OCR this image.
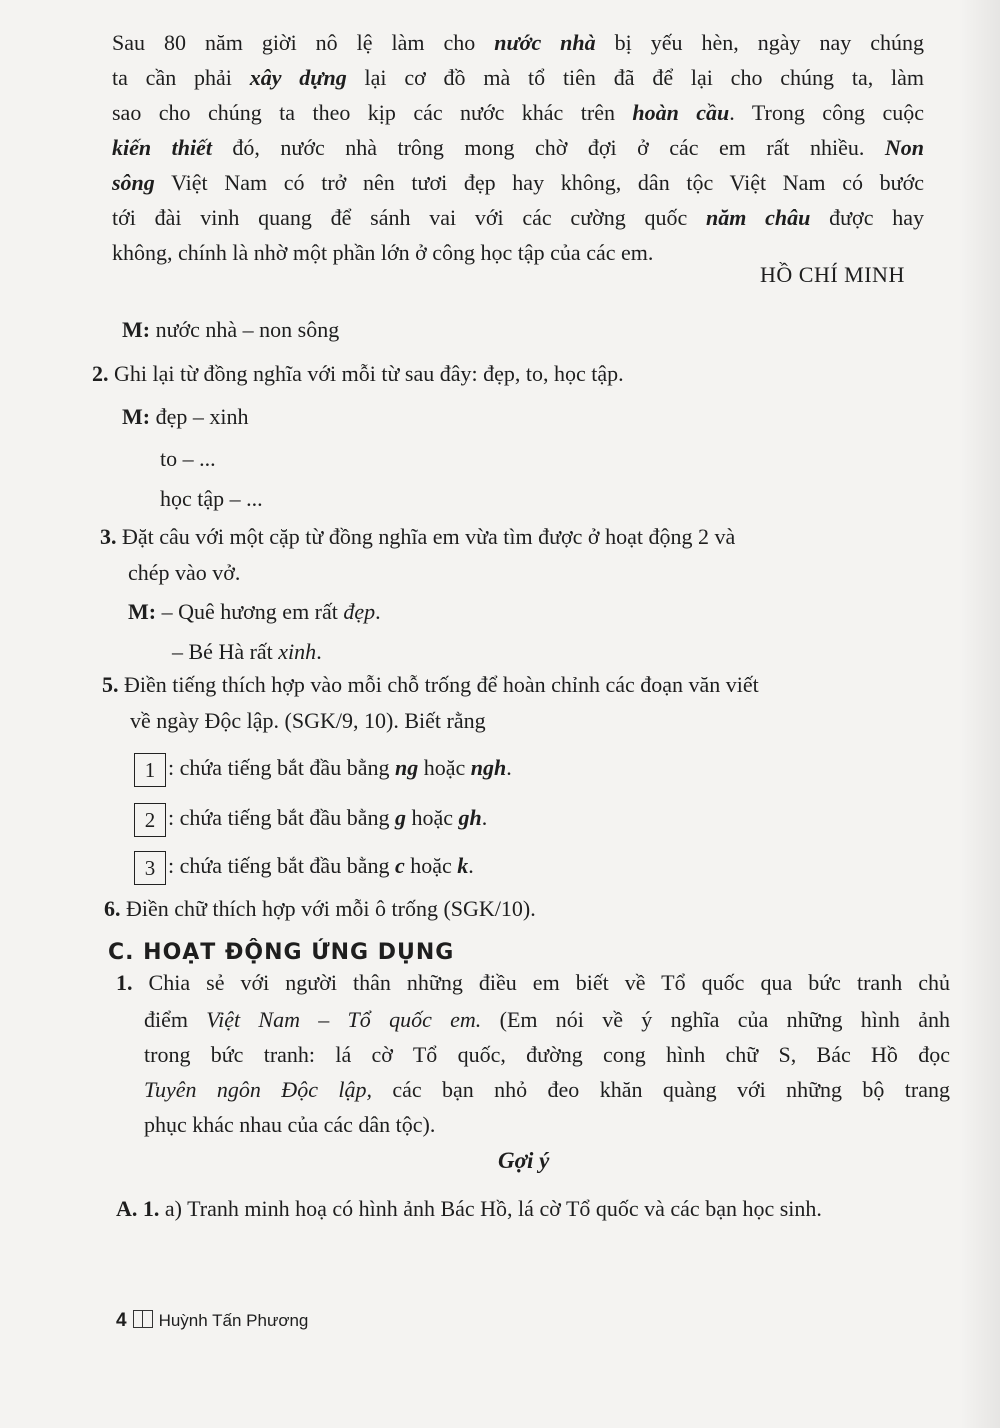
Sau 80 năm giời nô lệ làm cho nước nhà bị yếu hèn, ngày nay chúng
ta cần phải xây dựng lại cơ đồ mà tổ tiên đã để lại cho chúng ta, làm
sao cho chúng ta theo kịp các nước khác trên hoàn cầu. Trong công cuộc
kiến thiết đó, nước nhà trông mong chờ đợi ở các em rất nhiều. Non
sông Việt Nam có trở nên tươi đẹp hay không, dân tộc Việt Nam có bước
tới đài vinh quang để sánh vai với các cường quốc năm châu được hay
không, chính là nhờ một phần lớn ở công học tập của các em.
HỒ CHÍ MINH
M: nước nhà – non sông
2. Ghi lại từ đồng nghĩa với mỗi từ sau đây: đẹp, to, học tập.
M: đẹp – xinh
to – ...
học tập – ...
3. Đặt câu với một cặp từ đồng nghĩa em vừa tìm được ở hoạt động 2 và
chép vào vở.
M: – Quê hương em rất đẹp.
– Bé Hà rất xinh.
5. Điền tiếng thích hợp vào mỗi chỗ trống để hoàn chỉnh các đoạn văn viết
về ngày Độc lập. (SGK/9, 10). Biết rằng
1 : chứa tiếng bắt đầu bằng ng hoặc ngh.
2 : chứa tiếng bắt đầu bằng g hoặc gh.
3 : chứa tiếng bắt đầu bằng c hoặc k.
6. Điền chữ thích hợp với mỗi ô trống (SGK/10).
C. HOẠT ĐỘNG ỨNG DỤNG
1. Chia sẻ với người thân những điều em biết về Tổ quốc qua bức tranh chủ
điểm Việt Nam – Tổ quốc em. (Em nói về ý nghĩa của những hình ảnh
trong bức tranh: lá cờ Tổ quốc, đường cong hình chữ S, Bác Hồ đọc
Tuyên ngôn Độc lập, các bạn nhỏ đeo khăn quàng với những bộ trang
phục khác nhau của các dân tộc).
Gợi ý
A. 1. a) Tranh minh hoạ có hình ảnh Bác Hồ, lá cờ Tổ quốc và các bạn học sinh.
4 Huỳnh Tấn Phương
